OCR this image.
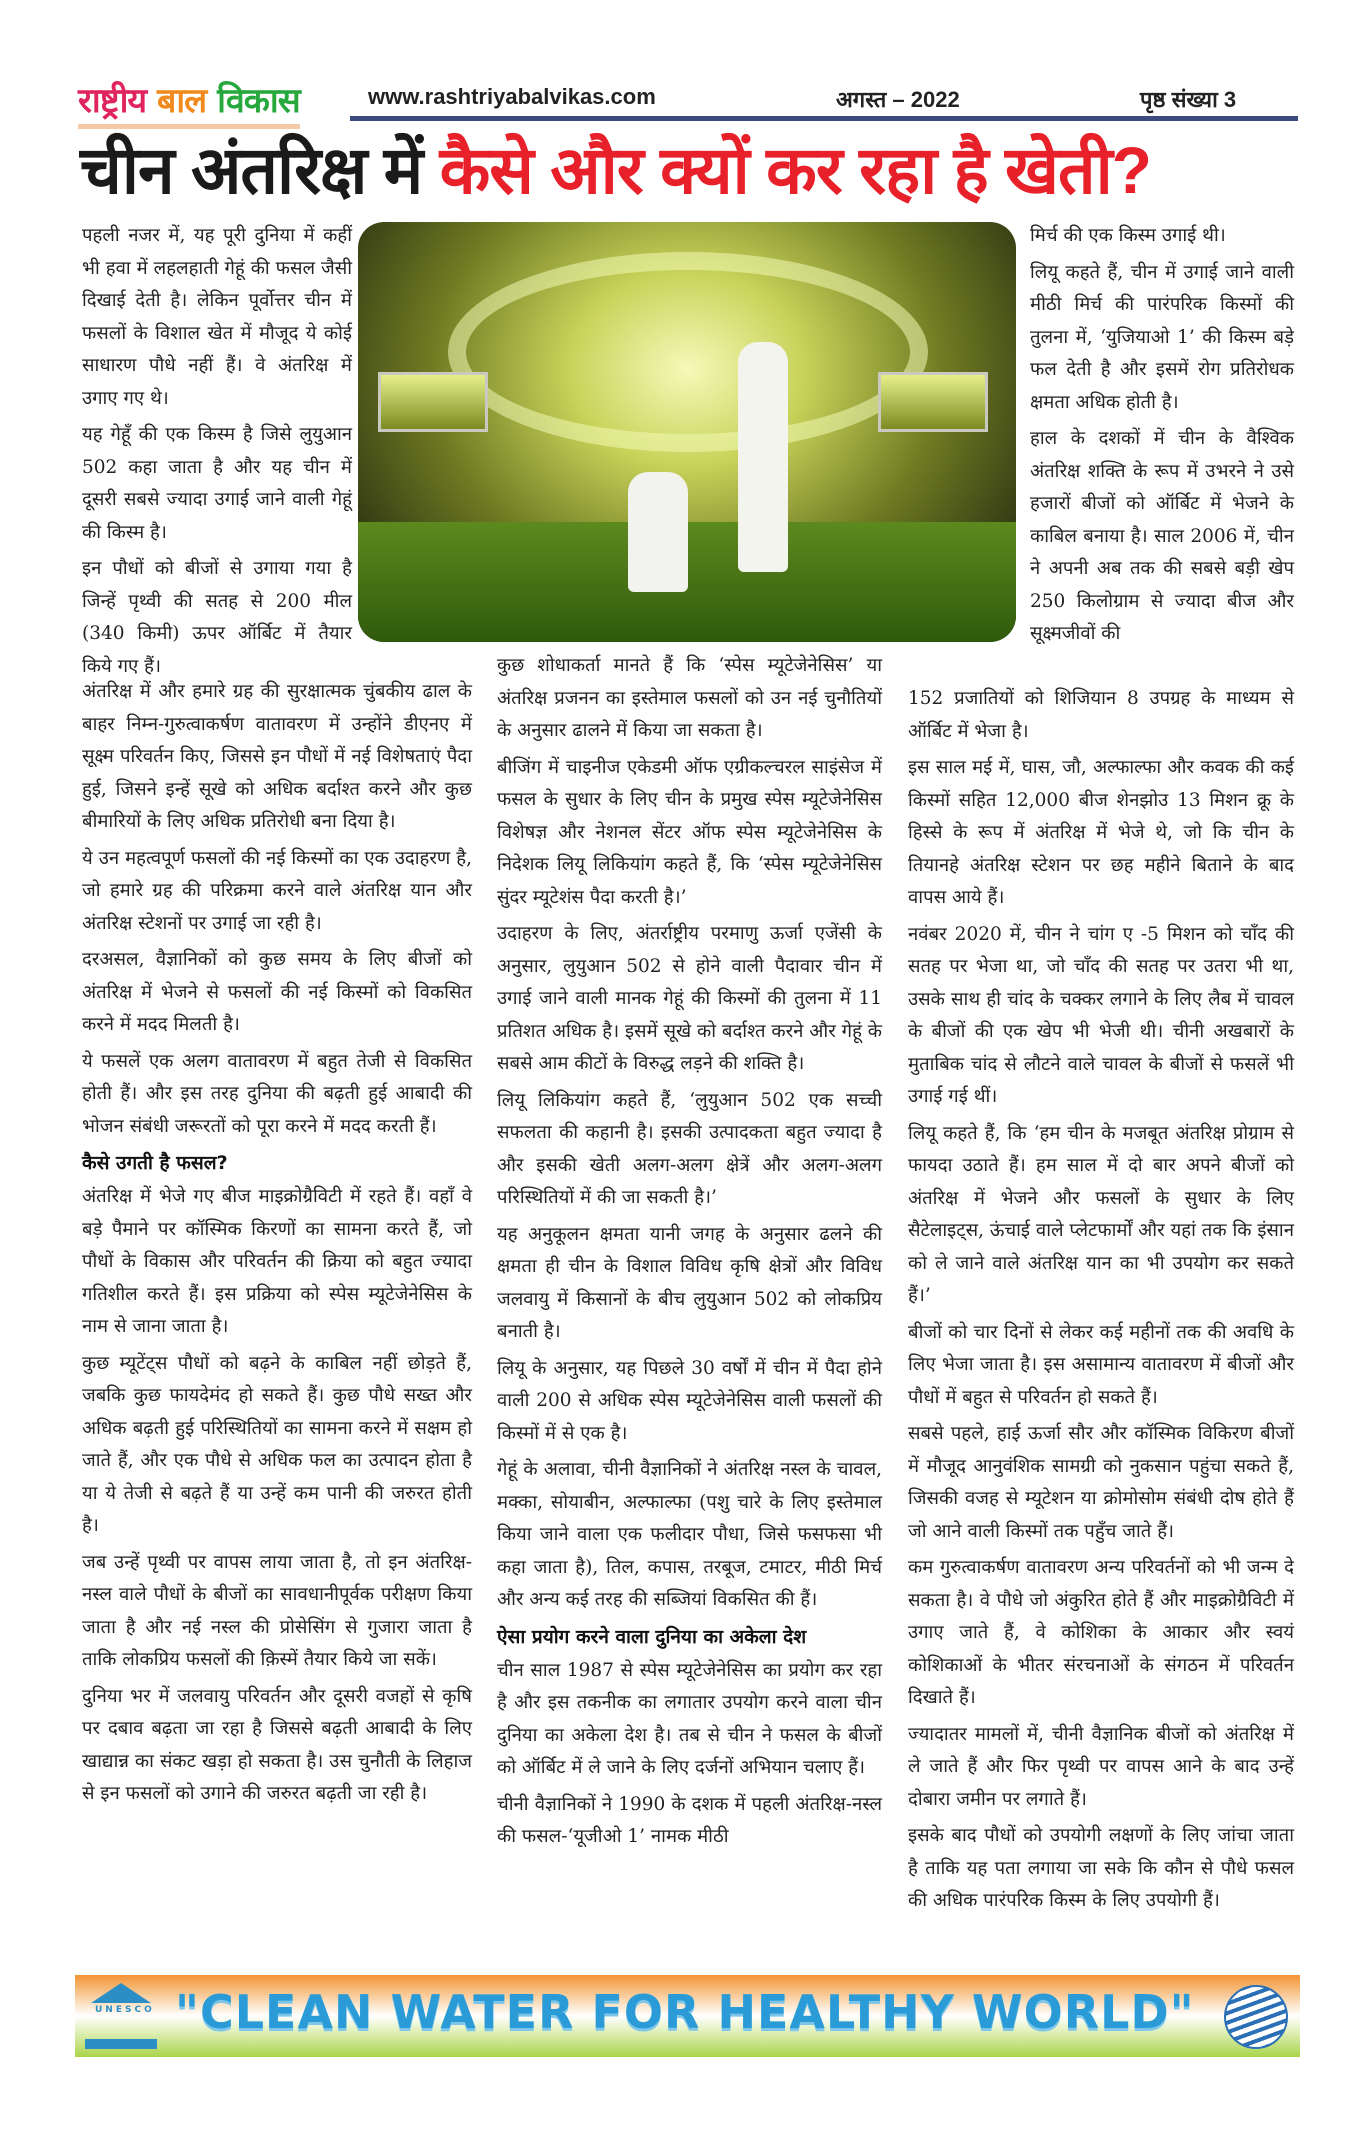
राष्ट्रीय बाल विकास	www.rashtriyabalvikas.com	अगस्त – 2022	पृष्ठ संख्या 3
चीन अंतरिक्ष में कैसे और क्यों कर रहा है खेती?

पहली नजर में, यह पूरी दुनिया में कहीं भी हवा में लहलहाती गेहूं की फसल जैसी दिखाई देती है। लेकिन पूर्वोत्तर चीन में फसलों के विशाल खेत में मौजूद ये कोई साधारण पौधे नहीं हैं। वे अंतरिक्ष में उगाए गए थे।

यह गेहूँ की एक किस्म है जिसे लुयुआन 502 कहा जाता है और यह चीन में दूसरी सबसे ज्यादा उगाई जाने वाली गेहूं की किस्म है।

इन पौधों को बीजों से उगाया गया है जिन्हें पृथ्वी की सतह से 200 मील (340 किमी) ऊपर ऑर्बिट में तैयार किये गए हैं।

अंतरिक्ष में और हमारे ग्रह की सुरक्षात्मक चुंबकीय ढाल के बाहर निम्न-गुरुत्वाकर्षण वातावरण में उन्होंने डीएनए में सूक्ष्म परिवर्तन किए, जिससे इन पौधों में नई विशेषताएं पैदा हुई, जिसने इन्हें सूखे को अधिक बर्दाश्त करने और कुछ बीमारियों के लिए अधिक प्रतिरोधी बना दिया है।

ये उन महत्वपूर्ण फसलों की नई किस्मों का एक उदाहरण है, जो हमारे ग्रह की परिक्रमा करने वाले अंतरिक्ष यान और अंतरिक्ष स्टेशनों पर उगाई जा रही है।

दरअसल, वैज्ञानिकों को कुछ समय के लिए बीजों को अंतरिक्ष में भेजने से फसलों की नई किस्मों को विकसित करने में मदद मिलती है।

ये फसलें एक अलग वातावरण में बहुत तेजी से विकसित होती हैं। और इस तरह दुनिया की बढ़ती हुई आबादी की भोजन संबंधी जरूरतों को पूरा करने में मदद करती हैं।

कैसे उगती है फसल?

अंतरिक्ष में भेजे गए बीज माइक्रोग्रैविटी में रहते हैं। वहाँ वे बड़े पैमाने पर कॉस्मिक किरणों का सामना करते हैं, जो पौधों के विकास और परिवर्तन की क्रिया को बहुत ज्यादा गतिशील करते हैं। इस प्रक्रिया को स्पेस म्यूटेजेनेसिस के नाम से जाना जाता है।

कुछ म्यूटेंट्स पौधों को बढ़ने के काबिल नहीं छोड़ते हैं, जबकि कुछ फायदेमंद हो सकते हैं। कुछ पौधे सख्त और अधिक बढ़ती हुई परिस्थितियों का सामना करने में सक्षम हो जाते हैं, और एक पौधे से अधिक फल का उत्पादन होता है या ये तेजी से बढ़ते हैं या उन्हें कम पानी की जरुरत होती है।

जब उन्हें पृथ्वी पर वापस लाया जाता है, तो इन अंतरिक्ष-नस्ल वाले पौधों के बीजों का सावधानीपूर्वक परीक्षण किया जाता है और नई नस्ल की प्रोसेसिंग से गुजारा जाता है ताकि लोकप्रिय फसलों की क़िस्में तैयार किये जा सकें।

दुनिया भर में जलवायु परिवर्तन और दूसरी वजहों से कृषि पर दबाव बढ़ता जा रहा है जिससे बढ़ती आबादी के लिए खाद्यान्न का संकट खड़ा हो सकता है। उस चुनौती के लिहाज से इन फसलों को उगाने की जरुरत बढ़ती जा रही है।

कुछ शोधाकर्ता मानते हैं कि ‘स्पेस म्यूटेजेनेसिस’ या अंतरिक्ष प्रजनन का इस्तेमाल फसलों को उन नई चुनौतियों के अनुसार ढालने में किया जा सकता है।

बीजिंग में चाइनीज एकेडमी ऑफ एग्रीकल्चरल साइंसेज में फसल के सुधार के लिए चीन के प्रमुख स्पेस म्यूटेजेनेसिस विशेषज्ञ और नेशनल सेंटर ऑफ स्पेस म्यूटेजेनेसिस के निदेशक लियू लिकियांग कहते हैं, कि ‘स्पेस म्यूटेजेनेसिस सुंदर म्यूटेशंस पैदा करती है।’

उदाहरण के लिए, अंतर्राष्ट्रीय परमाणु ऊर्जा एजेंसी के अनुसार, लुयुआन 502 से होने वाली पैदावार चीन में उगाई जाने वाली मानक गेहूं की किस्मों की तुलना में 11 प्रतिशत अधिक है। इसमें सूखे को बर्दाश्त करने और गेहूं के सबसे आम कीटों के विरुद्ध लड़ने की शक्ति है।

लियू लिकियांग कहते हैं, ‘लुयुआन 502 एक सच्ची सफलता की कहानी है। इसकी उत्पादकता बहुत ज्यादा है और इसकी खेती अलग-अलग क्षेत्रें और अलग-अलग परिस्थितियों में की जा सकती है।’

यह अनुकूलन क्षमता यानी जगह के अनुसार ढलने की क्षमता ही चीन के विशाल विविध कृषि क्षेत्रों और विविध जलवायु में किसानों के बीच लुयुआन 502 को लोकप्रिय बनाती है।

लियू के अनुसार, यह पिछले 30 वर्षों में चीन में पैदा होने वाली 200 से अधिक स्पेस म्यूटेजेनेसिस वाली फसलों की किस्मों में से एक है।

गेहूं के अलावा, चीनी वैज्ञानिकों ने अंतरिक्ष नस्ल के चावल, मक्का, सोयाबीन, अल्फाल्फा (पशु चारे के लिए इस्तेमाल किया जाने वाला एक फलीदार पौधा, जिसे फसफसा भी कहा जाता है), तिल, कपास, तरबूज, टमाटर, मीठी मिर्च और अन्य कई तरह की सब्जियां विकसित की हैं।

ऐसा प्रयोग करने वाला दुनिया का अकेला देश

चीन साल 1987 से स्पेस म्यूटेजेनेसिस का प्रयोग कर रहा है और इस तकनीक का लगातार उपयोग करने वाला चीन दुनिया का अकेला देश है। तब से चीन ने फसल के बीजों को ऑर्बिट में ले जाने के लिए दर्जनों अभियान चलाए हैं।

चीनी वैज्ञानिकों ने 1990 के दशक में पहली अंतरिक्ष-नस्ल की फसल-‘यूजीओ 1’ नामक मीठी

मिर्च की एक किस्म उगाई थी।

लियू कहते हैं, चीन में उगाई जाने वाली मीठी मिर्च की पारंपरिक किस्मों की तुलना में, ‘युजियाओ 1’ की किस्म बड़े फल देती है और इसमें रोग प्रतिरोधक क्षमता अधिक होती है।

हाल के दशकों में चीन के वैश्विक अंतरिक्ष शक्ति के रूप में उभरने ने उसे हजारों बीजों को ऑर्बिट में भेजने के काबिल बनाया है। साल 2006 में, चीन ने अपनी अब तक की सबसे बड़ी खेप 250 किलोग्राम से ज्यादा बीज और सूक्ष्मजीवों की

152 प्रजातियों को शिजियान 8 उपग्रह के माध्यम से ऑर्बिट में भेजा है।

इस साल मई में, घास, जौ, अल्फाल्फा और कवक की कई किस्मों सहित 12,000 बीज शेनझोउ 13 मिशन क्रू के हिस्से के रूप में अंतरिक्ष में भेजे थे, जो कि चीन के तियानहे अंतरिक्ष स्टेशन पर छह महीने बिताने के बाद वापस आये हैं।

नवंबर 2020 में, चीन ने चांग ए -5 मिशन को चाँद की सतह पर भेजा था, जो चाँद की सतह पर उतरा भी था, उसके साथ ही चांद के चक्कर लगाने के लिए लैब में चावल के बीजों की एक खेप भी भेजी थी। चीनी अखबारों के मुताबिक चांद से लौटने वाले चावल के बीजों से फसलें भी उगाई गई थीं।

लियू कहते हैं, कि ‘हम चीन के मजबूत अंतरिक्ष प्रोग्राम से फायदा उठाते हैं। हम साल में दो बार अपने बीजों को अंतरिक्ष में भेजने और फसलों के सुधार के लिए सैटेलाइट्स, ऊंचाई वाले प्लेटफार्मों और यहां तक कि इंसान को ले जाने वाले अंतरिक्ष यान का भी उपयोग कर सकते हैं।’

बीजों को चार दिनों से लेकर कई महीनों तक की अवधि के लिए भेजा जाता है। इस असामान्य वातावरण में बीजों और पौधों में बहुत से परिवर्तन हो सकते हैं।

सबसे पहले, हाई ऊर्जा सौर और कॉस्मिक विकिरण बीजों में मौजूद आनुवंशिक सामग्री को नुकसान पहुंचा सकते हैं, जिसकी वजह से म्यूटेशन या क्रोमोसोम संबंधी दोष होते हैं जो आने वाली किस्मों तक पहुँच जाते हैं।

कम गुरुत्वाकर्षण वातावरण अन्य परिवर्तनों को भी जन्म दे सकता है। वे पौधे जो अंकुरित होते हैं और माइक्रोग्रैविटी में उगाए जाते हैं, वे कोशिका के आकार और स्वयं कोशिकाओं के भीतर संरचनाओं के संगठन में परिवर्तन दिखाते हैं।

ज्यादातर मामलों में, चीनी वैज्ञानिक बीजों को अंतरिक्ष में ले जाते हैं और फिर पृथ्वी पर वापस आने के बाद उन्हें दोबारा जमीन पर लगाते हैं।

इसके बाद पौधों को उपयोगी लक्षणों के लिए जांचा जाता है ताकि यह पता लगाया जा सके कि कौन से पौधे फसल की अधिक पारंपरिक किस्म के लिए उपयोगी हैं।

UNESCO "CLEAN WATER FOR HEALTHY WORLD"
